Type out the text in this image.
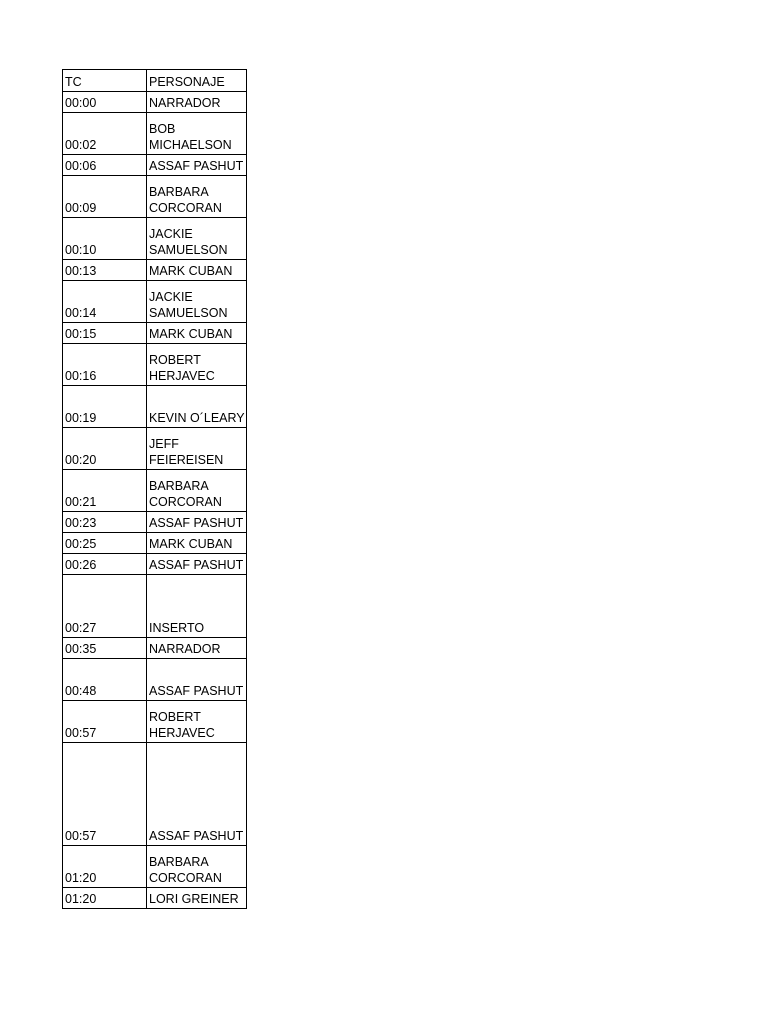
TC	PERSONAJE
00:00	NARRADOR
00:02	BOB MICHAELSON
00:06	ASSAF PASHUT
00:09	BARBARA CORCORAN
00:10	JACKIE SAMUELSON
00:13	MARK CUBAN
00:14	JACKIE SAMUELSON
00:15	MARK CUBAN
00:16	ROBERT HERJAVEC
00:19	KEVIN O´LEARY
00:20	JEFF FEIEREISEN
00:21	BARBARA CORCORAN
00:23	ASSAF PASHUT
00:25	MARK CUBAN
00:26	ASSAF PASHUT
00:27	INSERTO
00:35	NARRADOR
00:48	ASSAF PASHUT
00:57	ROBERT HERJAVEC
00:57	ASSAF PASHUT
01:20	BARBARA CORCORAN
01:20	LORI GREINER
